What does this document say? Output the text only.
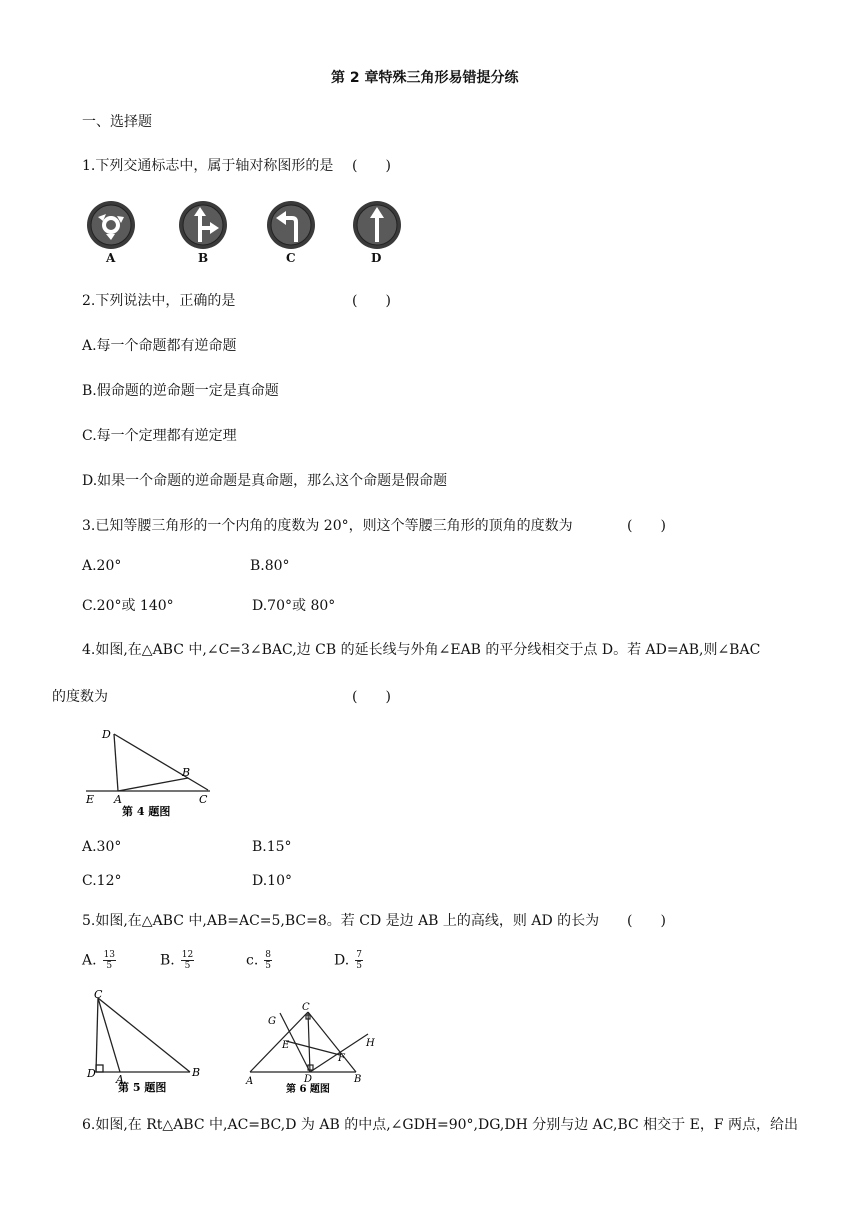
第 2 章特殊三角形易错提分练
一、选择题
1.下列交通标志中，属于轴对称图形的是 (　　)
A	B	C	D
2.下列说法中，正确的是	(　　)
A.每一个命题都有逆命题
B.假命题的逆命题一定是真命题
C.每一个定理都有逆定理
D.如果一个命题的逆命题是真命题，那么这个命题是假命题
3.已知等腰三角形的一个内角的度数为 20°，则这个等腰三角形的顶角的度数为	(　　)
A.20°	B.80°
C.20°或 140°	D.70°或 80°
4.如图,在△ABC 中,∠C=3∠BAC,边 CB 的延长线与外角∠EAB 的平分线相交于点 D。若 AD=AB,则∠BAC
的度数为	(　　)
D
B
E A	C
第 4 题图
A.30°	B.15°
C.12°	D.10°
5.如图,在△ABC 中,AB=AC=5,BC=8。若 CD 是边 AB 上的高线，则 AD 的长为 (　　)
A. $\frac{13}{5}$	B. $\frac{12}{5}$	c. $\frac{8}{5}$	D. $\frac{7}{5}$
C
D A
B
第 5 题图
C
G
E
F
H
A	D	B
第 6 题图
6.如图,在 Rt△ABC 中,AC=BC,D 为 AB 的中点,∠GDH=90°,DG,DH 分别与边 AC,BC 相交于 E，F 两点，给出
